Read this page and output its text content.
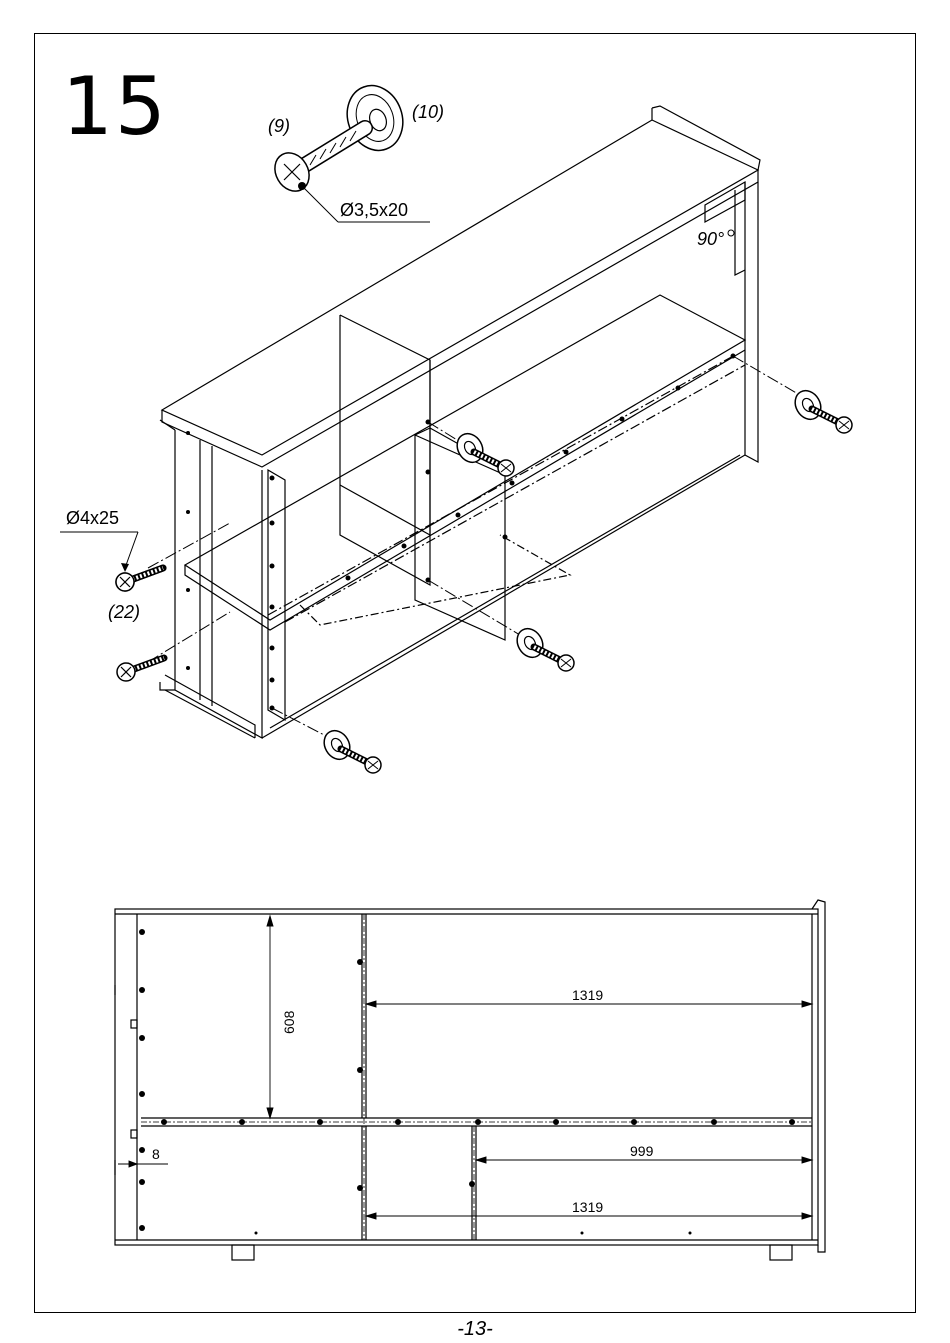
15	(9)
(10)
Ø3,5x20
Ø4x25
(22)
90°
608
1319
999
1319
8
-13-
